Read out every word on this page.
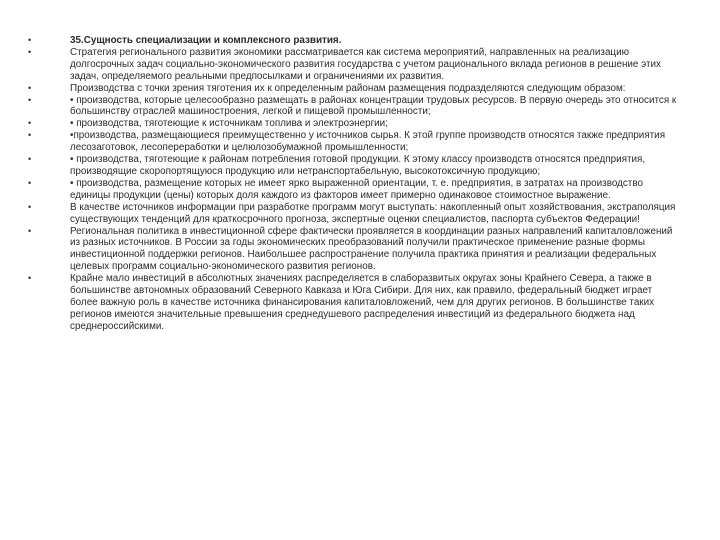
•	35.Сущность специализации и комплексного развития.
•	Стратегия регионального развития экономики рассматривается как система мероприятий, направленных на реализацию долгосрочных задач социально-экономического развития государства с учетом рационального вклада регионов в решение этих задач, определяемого реальными предпосылками и ограничениями их развития.
•	Производства с точки зрения тяготения их к определенным районам размещения подразделяются следующим образом:
•	• производства, которые целесообразно размещать в районах концентрации трудовых ресурсов. В первую очередь это относится к большинству отраслей машиностроения, легкой и пищевой промышленности;
•	• производства, тяготеющие к источникам топлива и электроэнергии;
•	•производства, размещающиеся преимущественно у источников сырья. К этой группе производств относятся также предприятия лесозаготовок, лесопереработки и целюлозобумажной промышленности;
•	• производства, тяготеющие к районам потребления готовой продукции. К этому классу производств относятся предприятия, производящие скоропортящуюся продукцию или нетранспортабельную, высокотоксичную продукцию;
•	• производства, размещение которых не имеет ярко выраженной ориентации, т. е. предприятия, в затратах на производство единицы продукции (цены) которых доля каждого из факторов имеет примерно одинаковое стоимостное выражение.
•	В качестве источников информации при разработке программ могут выступать: накопленный опыт хозяйствования, экстраполяция существующих тенденций для краткосрочного прогноза, экспертные оценки специалистов, паспорта субъектов Федерации!
•	Региональная политика в инвестиционной сфере фактически проявляется в координации разных направлений капиталовложений из разных источников. В России за годы экономических преобразований получили практическое применение разные формы инвестиционной поддержки регионов. Наибольшее распространение получила практика принятия и реализации федеральных целевых программ социально-экономического развития регионов.
•	Крайне мало инвестиций в абсолютных значениях распределяется в слаборазвитых округах зоны Крайнего Севера, а также в большинстве автономных образований Северного Кавказа и Юга Сибири. Для них, как правило, федеральный бюджет играет более важную роль в качестве источника финансирования капиталовложений, чем для других регионов. В большинстве таких регионов имеются значительные превышения среднедушевого распределения инвестиций из федерального бюджета над среднероссийскими.
